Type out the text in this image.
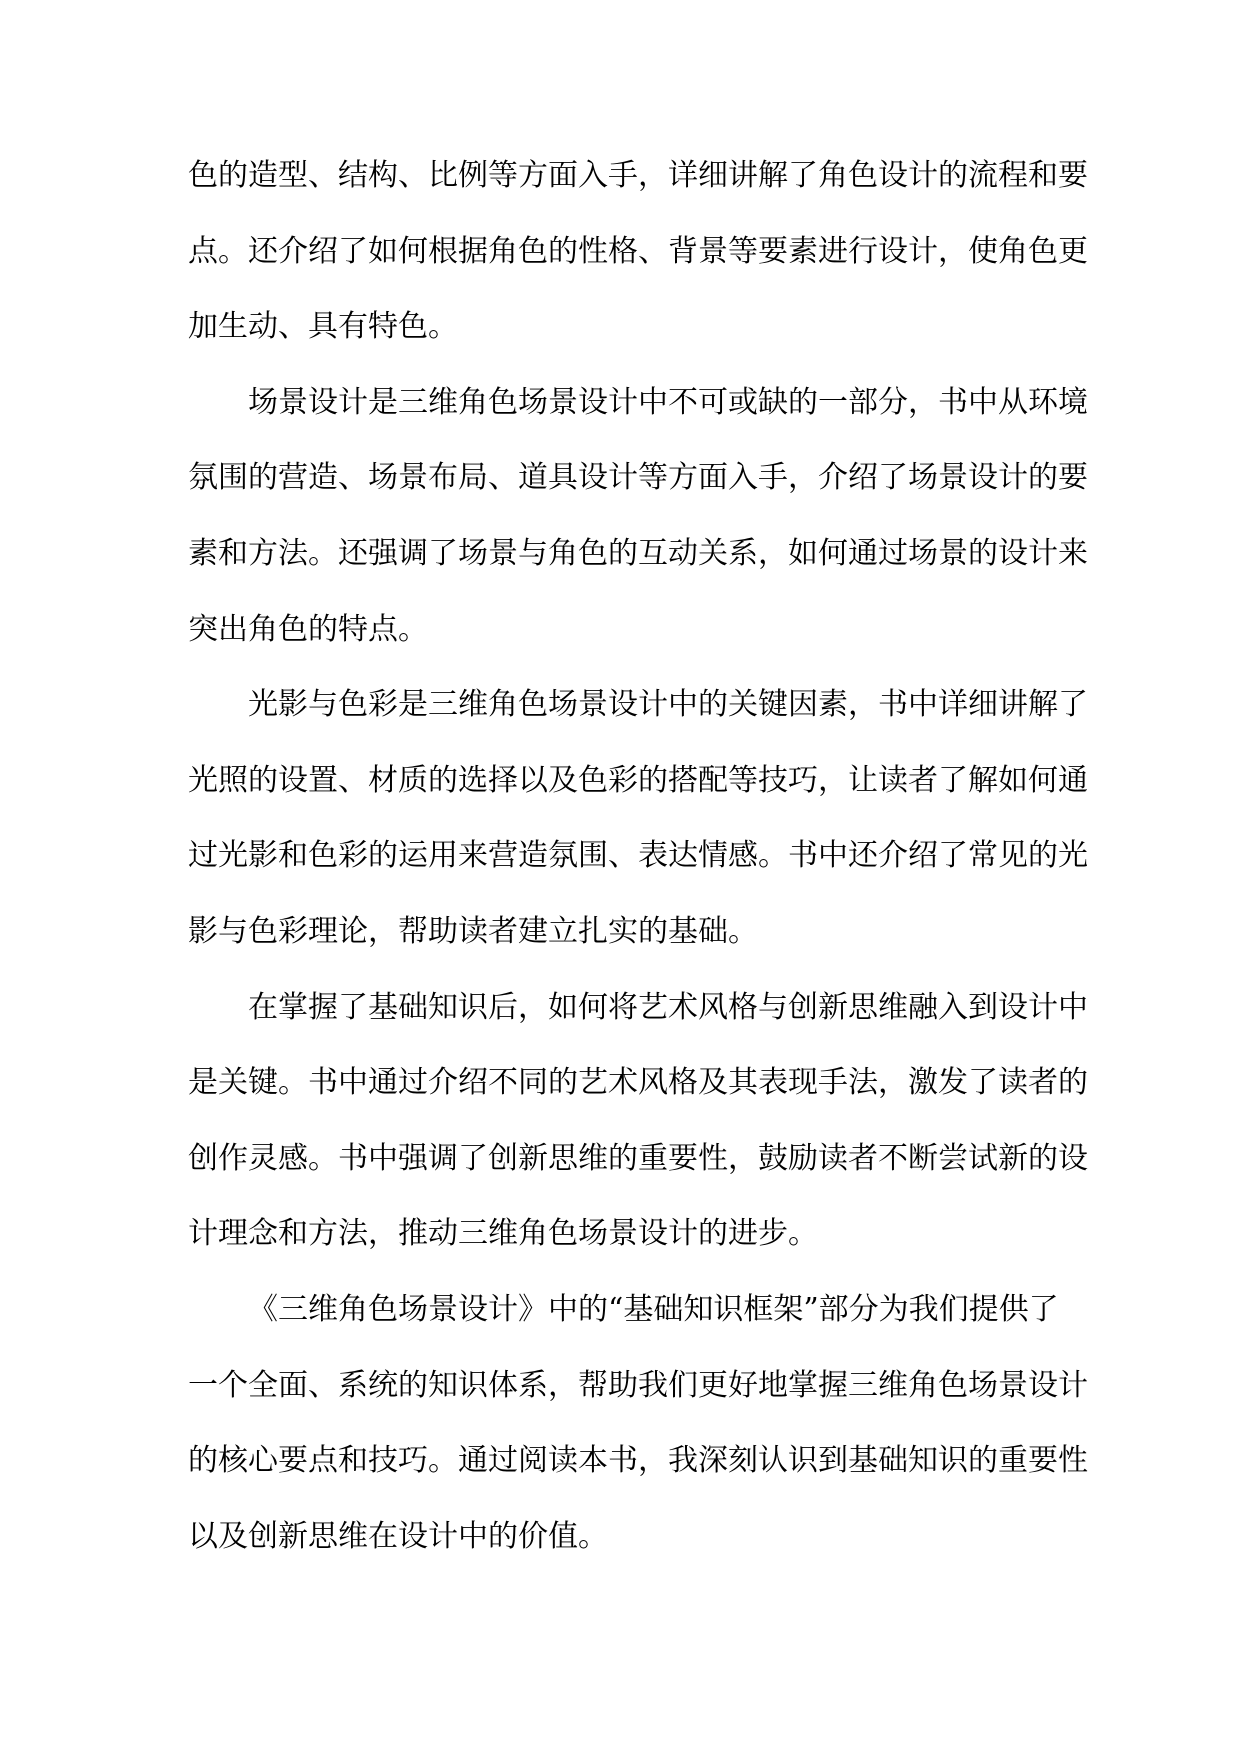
色的造型、结构、比例等方面入手，详细讲解了角色设计的流程和要
点。还介绍了如何根据角色的性格、背景等要素进行设计，使角色更
加生动、具有特色。
场景设计是三维角色场景设计中不可或缺的一部分，书中从环境
氛围的营造、场景布局、道具设计等方面入手，介绍了场景设计的要
素和方法。还强调了场景与角色的互动关系，如何通过场景的设计来
突出角色的特点。
光影与色彩是三维角色场景设计中的关键因素，书中详细讲解了
光照的设置、材质的选择以及色彩的搭配等技巧，让读者了解如何通
过光影和色彩的运用来营造氛围、表达情感。书中还介绍了常见的光
影与色彩理论，帮助读者建立扎实的基础。
在掌握了基础知识后，如何将艺术风格与创新思维融入到设计中
是关键。书中通过介绍不同的艺术风格及其表现手法，激发了读者的
创作灵感。书中强调了创新思维的重要性，鼓励读者不断尝试新的设
计理念和方法，推动三维角色场景设计的进步。
《三维角色场景设计》中的“基础知识框架”部分为我们提供了
一个全面、系统的知识体系，帮助我们更好地掌握三维角色场景设计
的核心要点和技巧。通过阅读本书，我深刻认识到基础知识的重要性
以及创新思维在设计中的价值。
